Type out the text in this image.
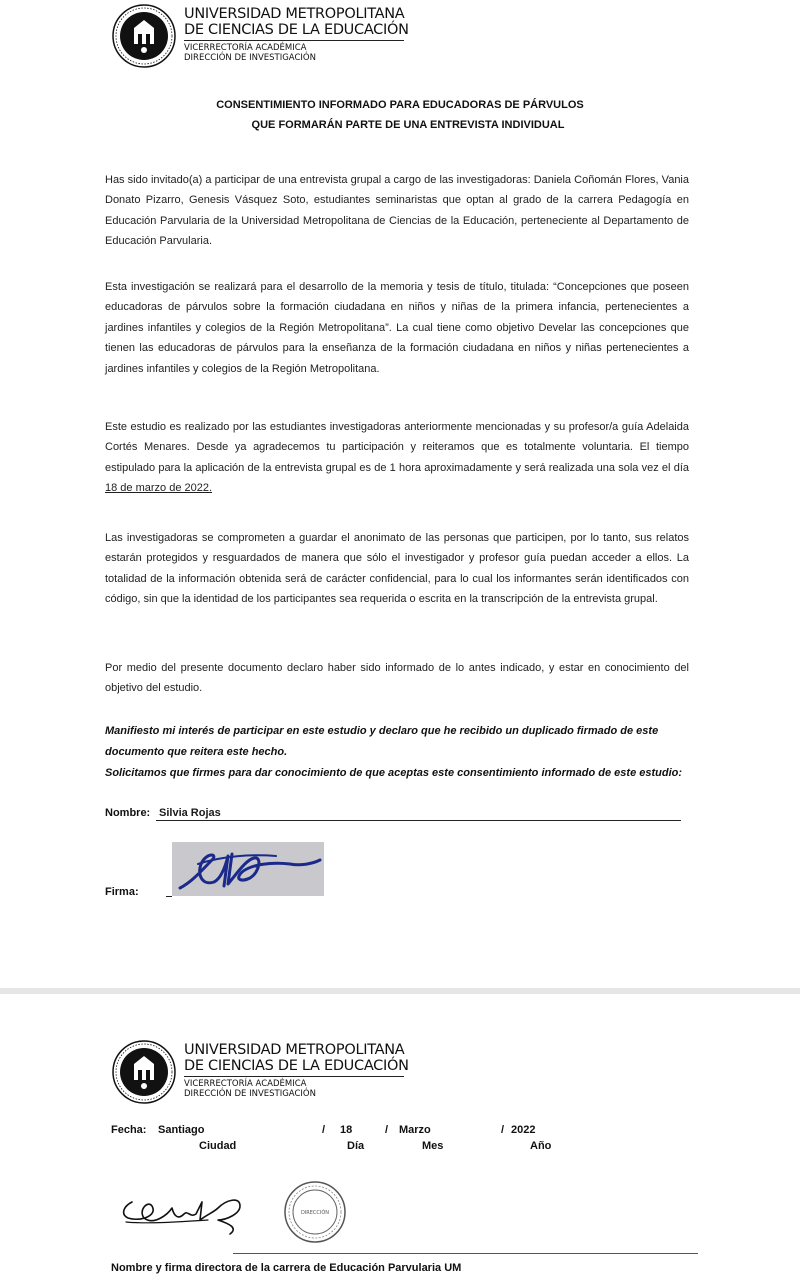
UNIVERSIDAD METROPOLITANA
DE CIENCIAS DE LA EDUCACIÓN
VICERRECTORÍA ACADÉMICA
DIRECCIÓN DE INVESTIGACIÓN
CONSENTIMIENTO INFORMADO PARA EDUCADORAS DE PÁRVULOS
QUE FORMARÁN PARTE DE UNA ENTREVISTA INDIVIDUAL

Has sido invitado(a) a participar de una entrevista grupal a cargo de las investigadoras: Daniela Coñomán Flores, Vania Donato Pizarro, Genesis Vásquez Soto, estudiantes seminaristas que optan al grado de la carrera Pedagogía en Educación Parvularia de la Universidad Metropolitana de Ciencias de la Educación, perteneciente al Departamento de Educación Parvularia.

Esta investigación se realizará para el desarrollo de la memoria y tesis de título, titulada: “Concepciones que poseen educadoras de párvulos sobre la formación ciudadana en niños y niñas de la primera infancia, pertenecientes a jardines infantiles y colegios de la Región Metropolitana”. La cual tiene como objetivo Develar las concepciones que tienen las educadoras de párvulos para la enseñanza de la formación ciudadana en niños y niñas pertenecientes a jardines infantiles y colegios de la Región Metropolitana.

Este estudio es realizado por las estudiantes investigadoras anteriormente mencionadas y su profesor/a guía Adelaida Cortés Menares. Desde ya agradecemos tu participación y reiteramos que es totalmente voluntaria. El tiempo estipulado para la aplicación de la entrevista grupal es de 1 hora aproximadamente y será realizada una sola vez el día 18 de marzo de 2022.

Las investigadoras se comprometen a guardar el anonimato de las personas que participen, por lo tanto, sus relatos estarán protegidos y resguardados de manera que sólo el investigador y profesor guía puedan acceder a ellos. La totalidad de la información obtenida será de carácter confidencial, para lo cual los informantes serán identificados con código, sin que la identidad de los participantes sea requerida o escrita en la transcripción de la entrevista grupal.

Por medio del presente documento declaro haber sido informado de lo antes indicado, y estar en conocimiento del objetivo del estudio.

Manifiesto mi interés de participar en este estudio y declaro que he recibido un duplicado firmado de este documento que reitera este hecho.

Solicitamos que firmes para dar conocimiento de que aceptas este consentimiento informado de este estudio:

Nombre: Silvia Rojas
Firma:
UNIVERSIDAD METROPOLITANA
DE CIENCIAS DE LA EDUCACIÓN
VICERRECTORÍA ACADÉMICA
DIRECCIÓN DE INVESTIGACIÓN
Fecha: Santiago	/ 18	/ Marzo	/ 2022
Ciudad	Día	Mes	Año
DIRECCIÓN
Nombre y firma directora de la carrera de Educación Parvularia UM
